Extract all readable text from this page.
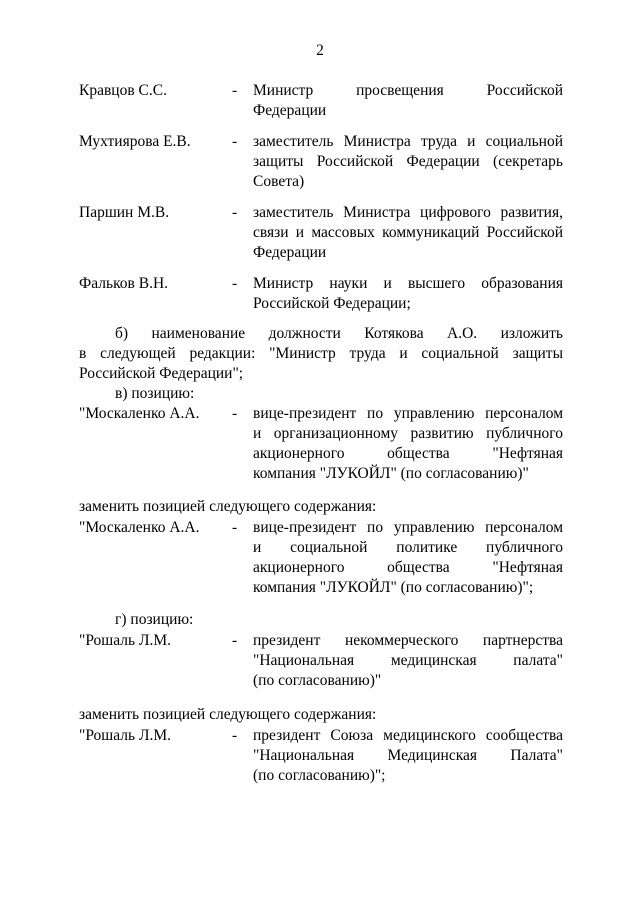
2
Кравцов С.С.	- Министр просвещения Российской
Федерации
Мухтиярова Е.В.	- заместитель Министра труда и социальной
защиты Российской Федерации (секретарь
Совета)
Паршин М.В.	- заместитель Министра цифрового развития,
связи и массовых коммуникаций Российской
Федерации
Фальков В.Н.	- Министр науки и высшего образования
Российской Федерации;
б) наименование должности Котякова А.О. изложить
в следующей редакции: "Министр труда и социальной защиты
Российской Федерации";
в) позицию:
"Москаленко А.А. - вице-президент по управлению персоналом
и организационному развитию публичного
акционерного общества "Нефтяная
компания "ЛУКОЙЛ" (по согласованию)"
заменить позицией следующего содержания:
"Москаленко А.А. - вице-президент по управлению персоналом
и социальной политике публичного
акционерного общества "Нефтяная
компания "ЛУКОЙЛ" (по согласованию)";
г) позицию:
"Рошаль Л.М.	- президент некоммерческого партнерства
"Национальная медицинская палата"
(по согласованию)"
заменить позицией следующего содержания:
"Рошаль Л.М.	- президент Союза медицинского сообщества
"Национальная Медицинская Палата"
(по согласованию)";
